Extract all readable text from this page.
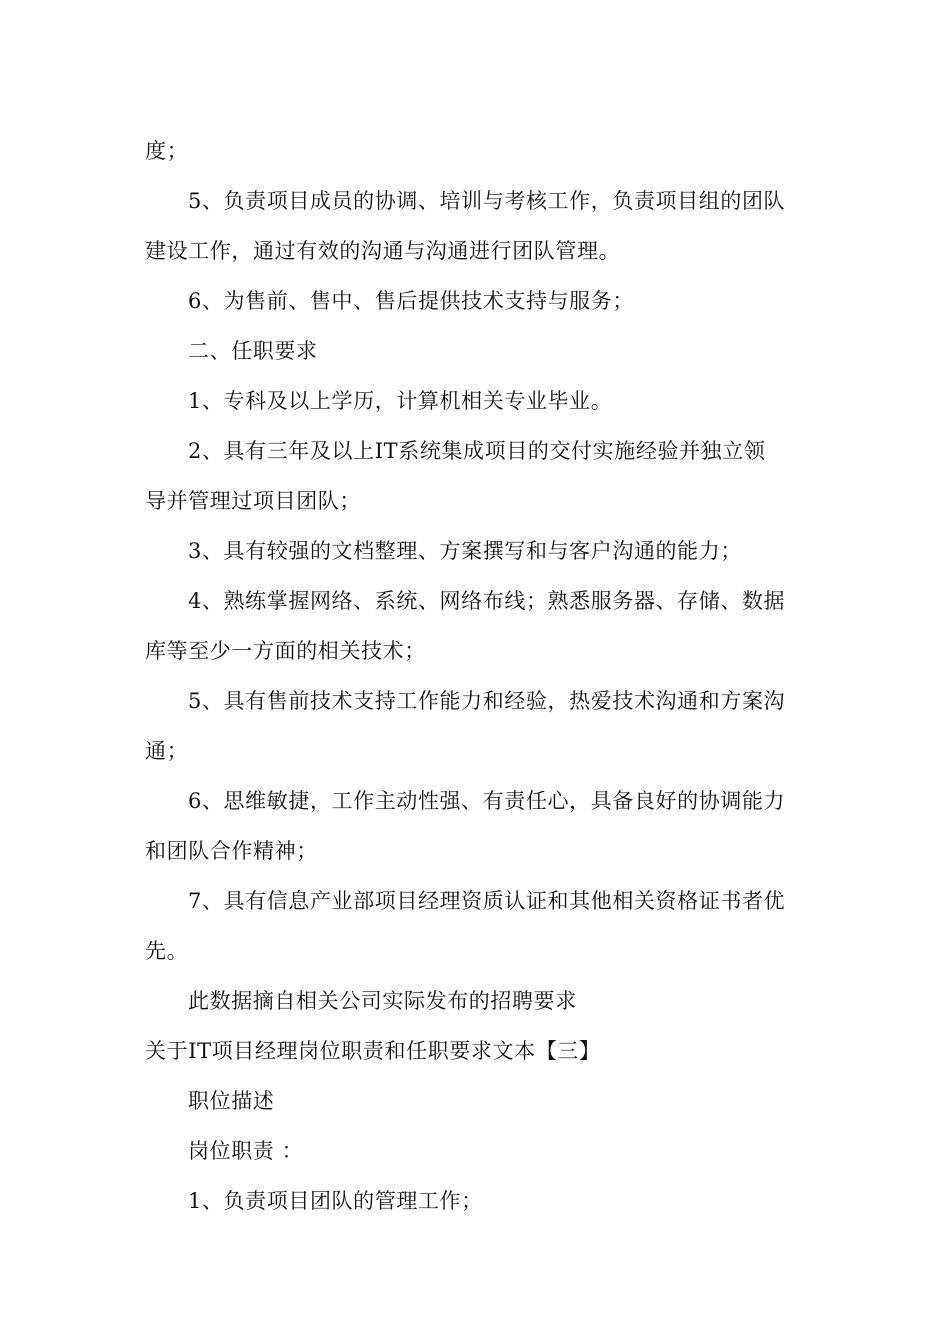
度；
5、负责项目成员的协调、培训与考核工作，负责项目组的团队
建设工作，通过有效的沟通与沟通进行团队管理。
6、为售前、售中、售后提供技术支持与服务；
二、任职要求
1、专科及以上学历，计算机相关专业毕业。
2、具有三年及以上IT系统集成项目的交付实施经验并独立领
导并管理过项目团队；
3、具有较强的文档整理、方案撰写和与客户沟通的能力；
4、熟练掌握网络、系统、网络布线；熟悉服务器、存储、数据
库等至少一方面的相关技术；
5、具有售前技术支持工作能力和经验，热爱技术沟通和方案沟
通；
6、思维敏捷，工作主动性强、有责任心，具备良好的协调能力
和团队合作精神；
7、具有信息产业部项目经理资质认证和其他相关资格证书者优
先。
此数据摘自相关公司实际发布的招聘要求
关于IT项目经理岗位职责和任职要求文本【三】
职位描述
岗位职责 ：
1、负责项目团队的管理工作；
